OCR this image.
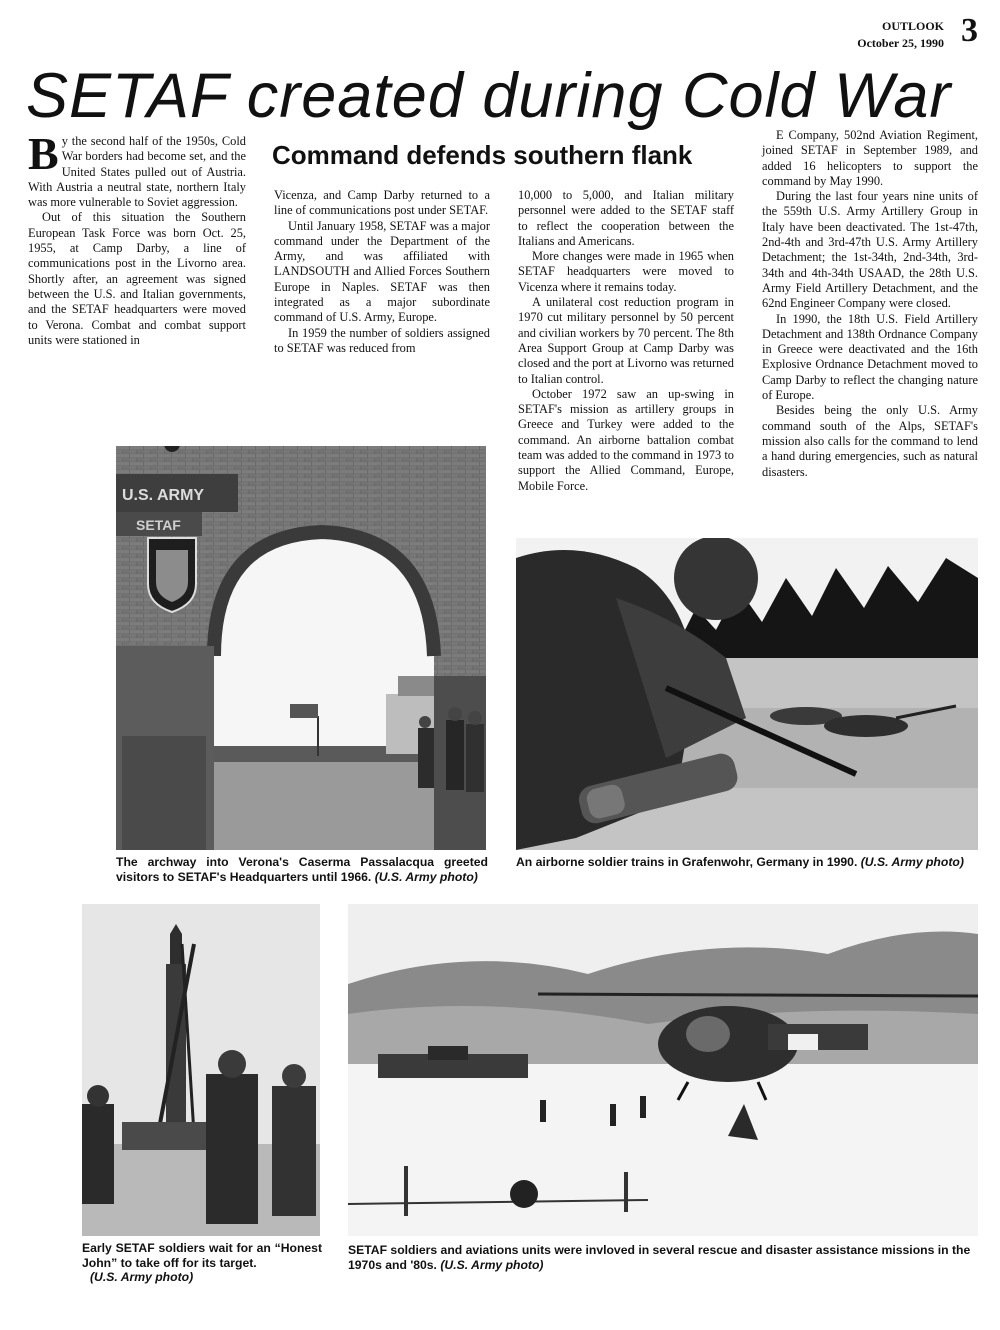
OUTLOOK
October 25, 1990 3
SETAF created during Cold War
Command defends southern flank

By the second half of the 1950s, Cold War borders had become set, and the United States pulled out of Austria. With Austria a neutral state, northern Italy was more vulnerable to Soviet aggression.

Out of this situation the Southern European Task Force was born Oct. 25, 1955, at Camp Darby, a line of communications post in the Livorno area. Shortly after, an agreement was signed between the U.S. and Italian governments, and the SETAF headquarters were moved to Verona. Combat and combat support units were stationed in

Vicenza, and Camp Darby returned to a line of communications post under SETAF.

Until January 1958, SETAF was a major command under the Department of the Army, and was affiliated with LANDSOUTH and Allied Forces Southern Europe in Naples. SETAF was then integrated as a major subordinate command of U.S. Army, Europe.

In 1959 the number of soldiers assigned to SETAF was reduced from

10,000 to 5,000, and Italian military personnel were added to the SETAF staff to reflect the cooperation between the Italians and Americans.

More changes were made in 1965 when SETAF headquarters were moved to Vicenza where it remains today.

A unilateral cost reduction program in 1970 cut military personnel by 50 percent and civilian workers by 70 percent. The 8th Area Support Group at Camp Darby was closed and the port at Livorno was returned to Italian control.

October 1972 saw an up-swing in SETAF's mission as artillery groups in Greece and Turkey were added to the command. An airborne battalion combat team was added to the command in 1973 to support the Allied Command, Europe, Mobile Force.

E Company, 502nd Aviation Regiment, joined SETAF in September 1989, and added 16 helicopters to support the command by May 1990.

During the last four years nine units of the 559th U.S. Army Artillery Group in Italy have been deactivated. The 1st-47th, 2nd-4th and 3rd-47th U.S. Army Artillery Detachment; the 1st-34th, 2nd-34th, 3rd-34th and 4th-34th USAAD, the 28th U.S. Army Field Artillery Detachment, and the 62nd Engineer Company were closed.

In 1990, the 18th U.S. Field Artillery Detachment and 138th Ordnance Company in Greece were deactivated and the 16th Explosive Ordnance Detachment moved to Camp Darby to reflect the changing nature of Europe.

Besides being the only U.S. Army command south of the Alps, SETAF's mission also calls for the command to lend a hand during emergencies, such as natural disasters.

U.S. ARMY
SETAF
The archway into Verona's Caserma Passalacqua greeted visitors to SETAF's Headquarters until 1966. (U.S. Army photo)
An airborne soldier trains in Grafenwohr, Germany in 1990. (U.S. Army photo)
Early SETAF soldiers wait for an “Honest John” to take off for its target.
(U.S. Army photo)
SETAF soldiers and aviations units were invloved in several rescue and disaster assistance missions in the 1970s and '80s. (U.S. Army photo)
